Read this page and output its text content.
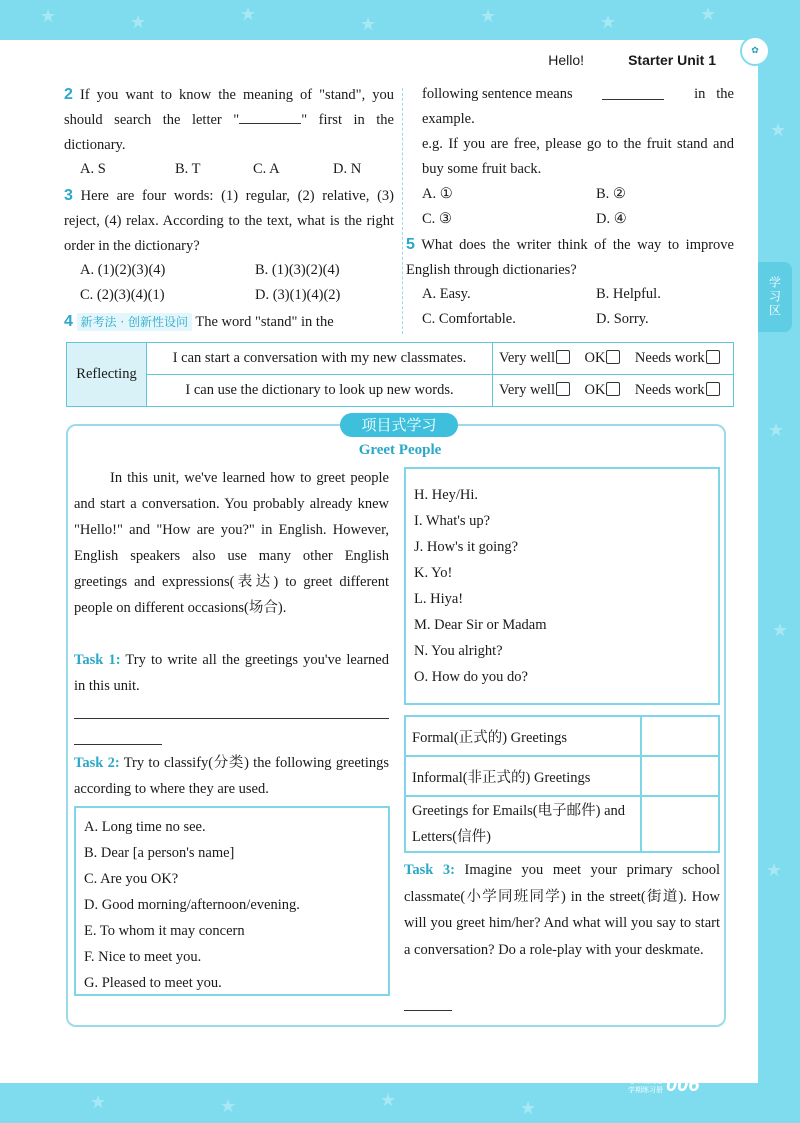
★	★	★	★	★	★	★
★
★
★
★
★	★	★	★
Hello!	Starter Unit 1
✿
学习区
2 If you want to know the meaning of "stand", you should search the letter "	" first in the dictionary.
A. S	B. T	C. A	D. N
3 Here are four words: (1) regular, (2) relative, (3) reject, (4) relax. According to the text, what is the right order in the dictionary?
A. (1)(2)(3)(4)	B. (1)(3)(2)(4)
C. (2)(3)(4)(1)	D. (3)(1)(4)(2)
4 新考法 · 创新性设问 The word "stand" in the
following sentence means	in   the
example.
e.g. If you are free, please go to the fruit stand and buy some fruit back.
A. ①	B. ②
C. ③	D. ④
5 What does the writer think of the way to improve English through dictionaries?
A. Easy.	B. Helpful.
C. Comfortable.	D. Sorry.
Reflecting	I can start a conversation with my new classmates.	Very well OK Needs work
	I can use the dictionary to look up new words.	Very well OK Needs work
项目式学习
Greet People
In this unit, we've learned how to greet people and start a conversation. You probably already knew "Hello!" and "How are you?" in English. However, English speakers also use many other English greetings and expressions(表达) to greet different people on different occasions(场合).
Task 1: Try to write all the greetings you've learned in this unit.
Task 2: Try to classify(分类) the following greetings according to where they are used.
A. Long time no see.
B. Dear [a person's name]
C. Are you OK?
D. Good morning/afternoon/evening.
E. To whom it may concern
F. Nice to meet you.
G. Pleased to meet you.
H. Hey/Hi.
I. What's up?
J. How's it going?
K. Yo!
L. Hiya!
M. Dear Sir or Madam
N. You alright?
O. How do you do?
Formal(正式的) Greetings	
Informal(非正式的) Greetings	
Greetings for Emails(电子邮件) and Letters(信件)	
Task 3: Imagine you meet your primary school classmate(小学同班同学) in the street(街道). How will you greet him/her? And what will you say to start a conversation? Do a role-play with your deskmate.
七年级英语
学期练习册 006
